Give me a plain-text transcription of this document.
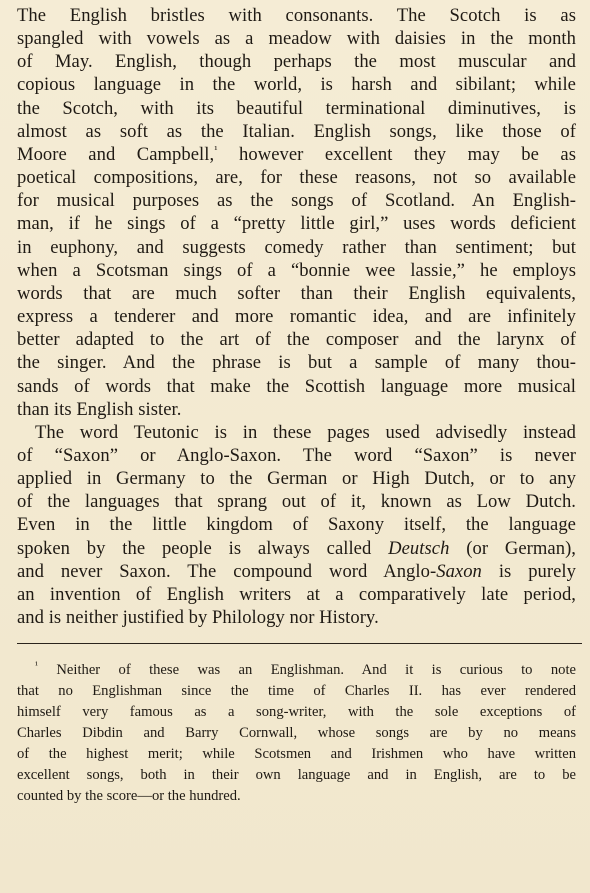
The English bristles with consonants. The Scotch is as
spangled with vowels as a meadow with daisies in the month
of May. English, though perhaps the most muscular and
copious language in the world, is harsh and sibilant; while
the Scotch, with its beautiful terminational diminutives, is
almost as soft as the Italian. English songs, like those of
Moore and Campbell,$^{^1}$ however excellent they may be as
poetical compositions, are, for these reasons, not so available
for musical purposes as the songs of Scotland. An English-
man, if he sings of a “pretty little girl,” uses words deficient
in euphony, and suggests comedy rather than sentiment; but
when a Scotsman sings of a “bonnie wee lassie,” he employs
words that are much softer than their English equivalents,
express a tenderer and more romantic idea, and are infinitely
better adapted to the art of the composer and the larynx of
the singer. And the phrase is but a sample of many thou-
sands of words that make the Scottish language more musical
than its English sister.
The word Teutonic is in these pages used advisedly instead
of “Saxon” or Anglo-Saxon. The word “Saxon” is never
applied in Germany to the German or High Dutch, or to any
of the languages that sprang out of it, known as Low Dutch.
Even in the little kingdom of Saxony itself, the language
spoken by the people is always called Deutsch (or German),
and never Saxon. The compound word Anglo-Saxon is purely
an invention of English writers at a comparatively late period,
and is neither justified by Philology nor History.
$^{^1}$ Neither of these was an Englishman. And it is curious to note
that no Englishman since the time of Charles II. has ever rendered
himself very famous as a song-writer, with the sole exceptions of
Charles Dibdin and Barry Cornwall, whose songs are by no means
of the highest merit; while Scotsmen and Irishmen who have written
excellent songs, both in their own language and in English, are to be
counted by the score—or the hundred.
